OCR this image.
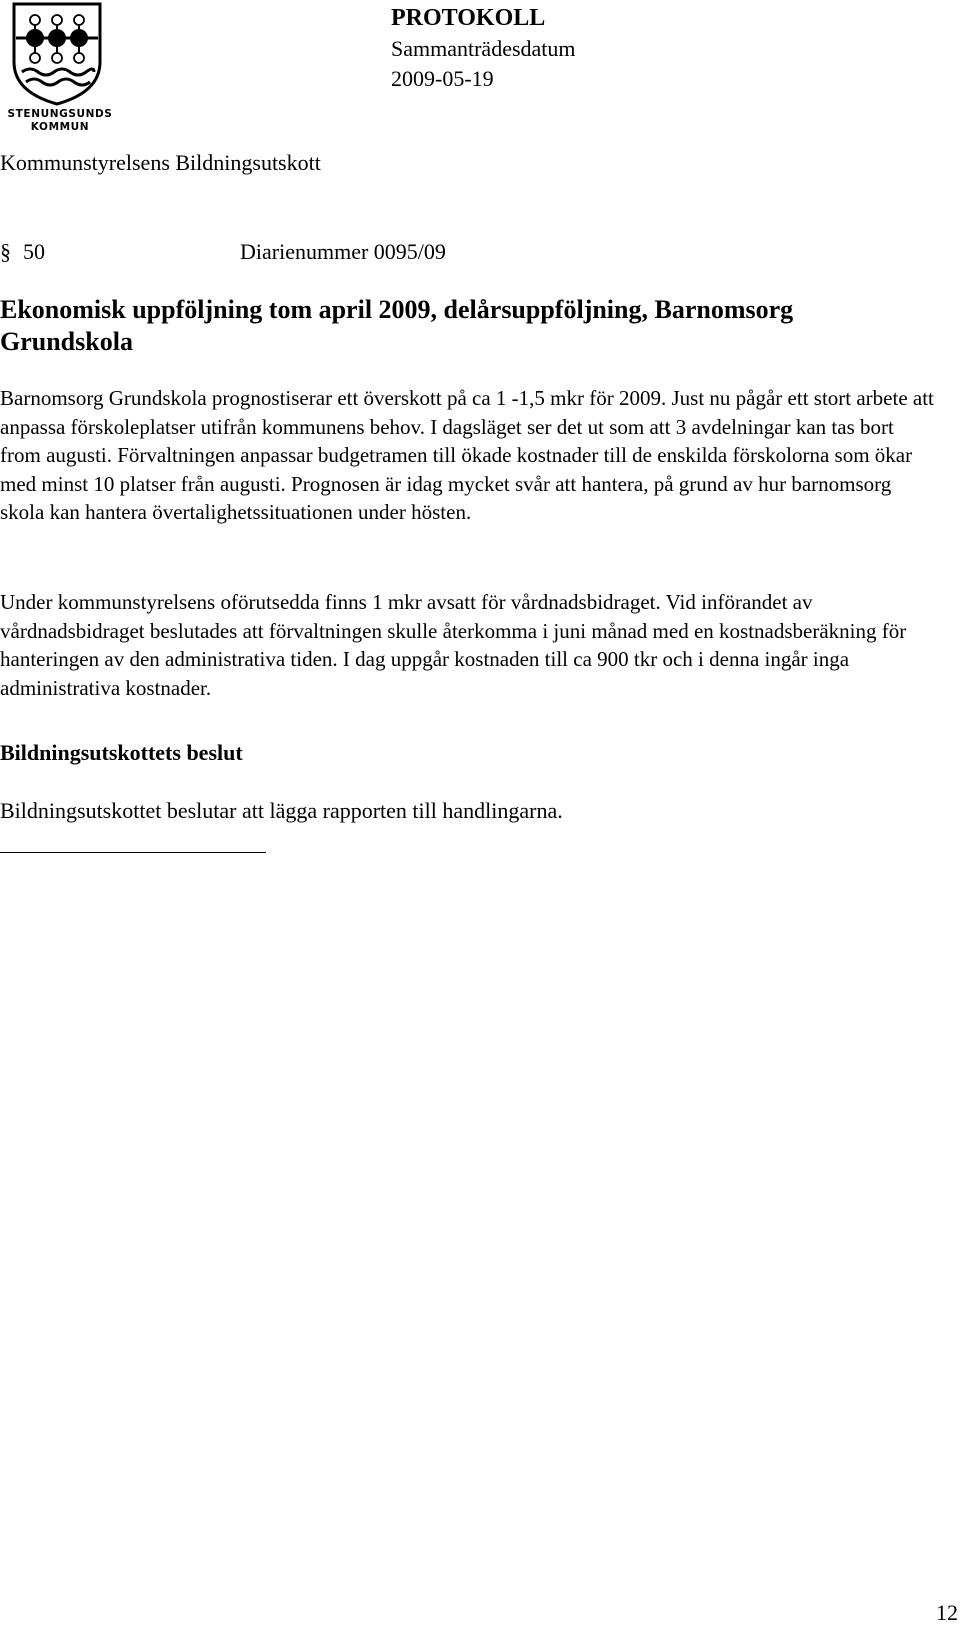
STENUNGSUNDS
KOMMUN

PROTOKOLL

Sammanträdesdatum

2009-05-19

Kommunstyrelsens Bildningsutskott
§ 50	Diarienummer 0095/09
Ekonomisk uppföljning tom april 2009, delårsuppföljning, Barnomsorg Grundskola

Barnomsorg Grundskola prognostiserar ett överskott på ca 1 -1,5 mkr för 2009. Just nu pågår ett stort arbete att anpassa förskoleplatser utifrån kommunens behov. I dagsläget ser det ut som att 3 avdelningar kan tas bort from augusti. Förvaltningen anpassar budgetramen till ökade kostnader till de enskilda förskolorna som ökar med minst 10 platser från augusti. Prognosen är idag mycket svår att hantera, på grund av hur barnomsorg skola kan hantera övertalighetssituationen under hösten.

Under kommunstyrelsens oförutsedda finns 1 mkr avsatt för vårdnadsbidraget. Vid införandet av vårdnadsbidraget beslutades att förvaltningen skulle återkomma i juni månad med en kostnadsberäkning för hanteringen av den administrativa tiden. I dag uppgår kostnaden till ca 900 tkr och i denna ingår inga administrativa kostnader.

Bildningsutskottets beslut
Bildningsutskottet beslutar att lägga rapporten till handlingarna.
12
